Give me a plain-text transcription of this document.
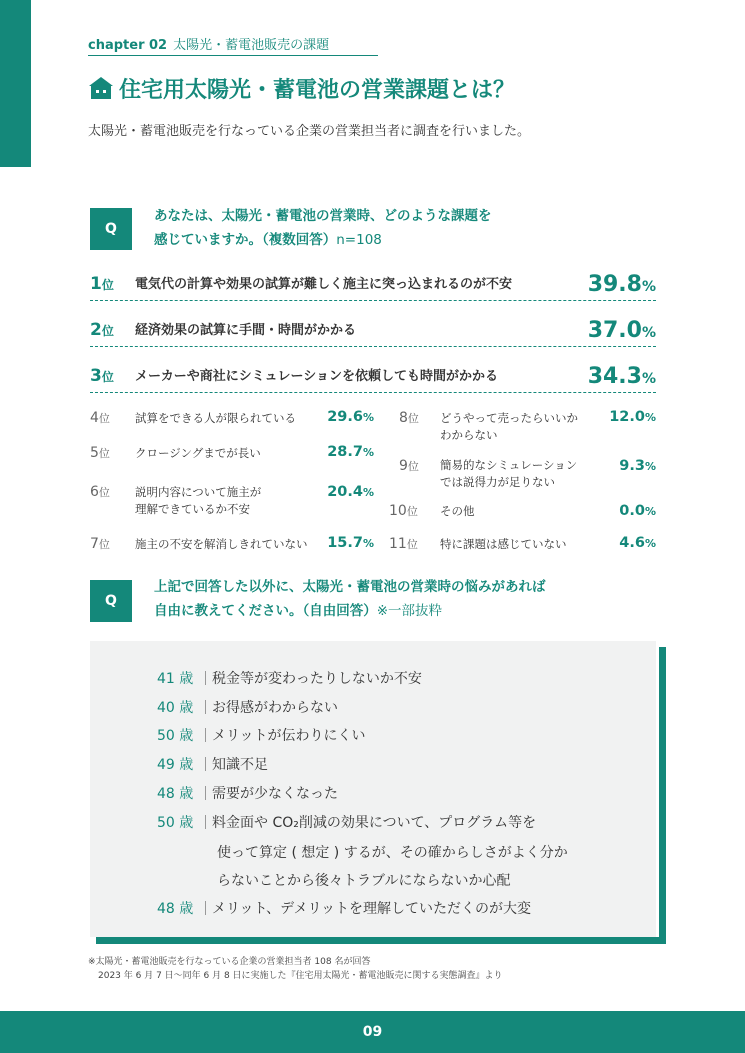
chapter 02 太陽光・蓄電池販売の課題
住宅用太陽光・蓄電池の営業課題とは？
太陽光・蓄電池販売を行なっている企業の営業担当者に調査を行いました。
Q
あなたは、太陽光・蓄電池の営業時、どのような課題を
感じていますか。（複数回答）n=108
1位 電気代の計算や効果の試算が難しく施主に突っ込まれるのが不安	39.8%
2位 経済効果の試算に手間・時間がかかる	37.0%
3位 メーカーや商社にシミュレーションを依頼しても時間がかかる	34.3%
4位 試算をできる人が限られている	29.6%
5位 クロージングまでが長い	28.7%
6位 説明内容について施主が
理解できているか不安
20.4%
7位 施主の不安を解消しきれていない	15.7%
8位 どうやって売ったらいいか
わからない
12.0%
9位 簡易的なシミュレーション
では説得力が足りない
9.3%
10位 その他	0.0%
11位 特に課題は感じていない	4.6%
Q
上記で回答した以外に、太陽光・蓄電池の営業時の悩みがあれば
自由に教えてください。（自由回答）※一部抜粋
41 歳 税金等が変わったりしないか不安
40 歳 お得感がわからない
50 歳 メリットが伝わりにくい
49 歳 知識不足
48 歳 需要が少なくなった
50 歳 料金面や CO₂削減の効果について、プログラム等を
使って算定 ( 想定 ) するが、その確からしさがよく分か
らないことから後々トラブルにならないか心配
48 歳 メリット、デメリットを理解していただくのが大変
※太陽光・蓄電池販売を行なっている企業の営業担当者 108 名が回答
2023 年 6 月 7 日〜同年 6 月 8 日に実施した『住宅用太陽光・蓄電池販売に関する実態調査』より
09
